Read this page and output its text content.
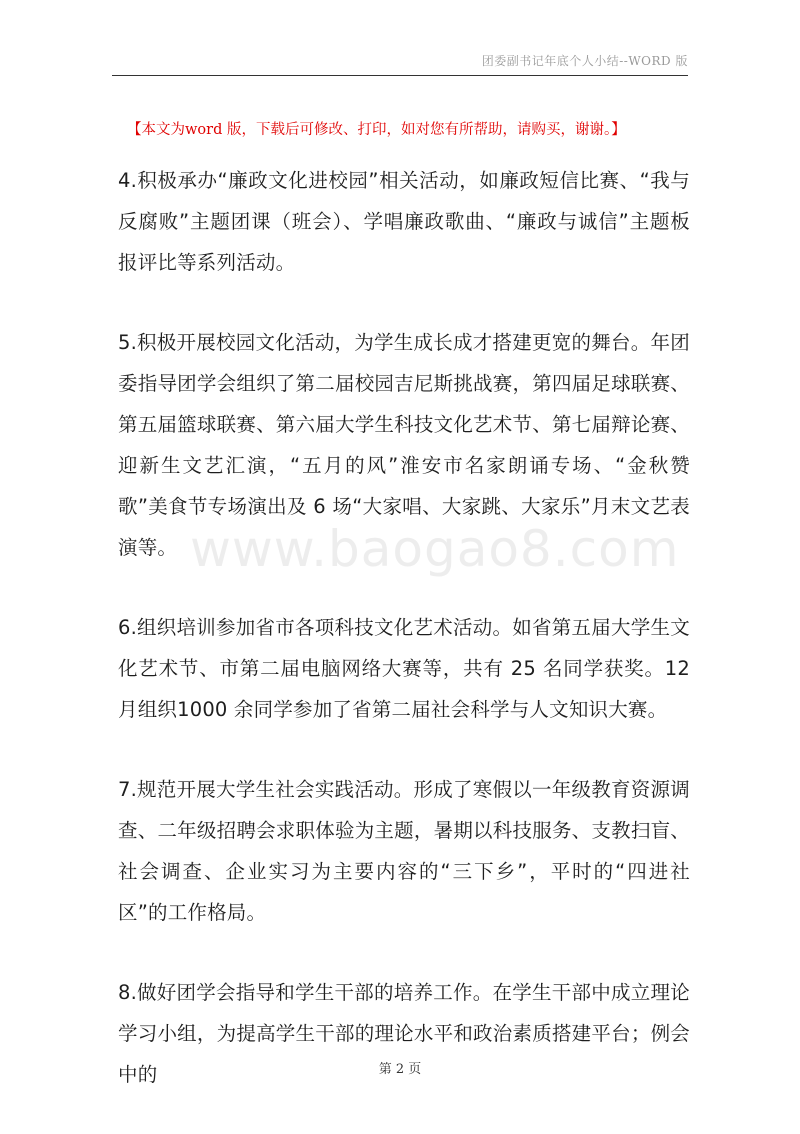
团委副书记年底个人小结--WORD 版
【本文为word 版，下载后可修改、打印，如对您有所帮助，请购买，谢谢。】
www.baogao8.com

4.积极承办“廉政文化进校园”相关活动，如廉政短信比赛、“我与反腐败”主题团课（班会）、学唱廉政歌曲、“廉政与诚信”主题板报评比等系列活动。

5.积极开展校园文化活动，为学生成长成才搭建更宽的舞台。年团委指导团学会组织了第二届校园吉尼斯挑战赛，第四届足球联赛、第五届篮球联赛、第六届大学生科技文化艺术节、第七届辩论赛、迎新生文艺汇演，“五月的风”淮安市名家朗诵专场、“金秋赞歌”美食节专场演出及 6 场“大家唱、大家跳、大家乐”月末文艺表演等。

6.组织培训参加省市各项科技文化艺术活动。如省第五届大学生文化艺术节、市第二届电脑网络大赛等，共有 25 名同学获奖。12 月组织1000 余同学参加了省第二届社会科学与人文知识大赛。

7.规范开展大学生社会实践活动。形成了寒假以一年级教育资源调查、二年级招聘会求职体验为主题，暑期以科技服务、支教扫盲、社会调查、企业实习为主要内容的“三下乡”，平时的“四进社区”的工作格局。

8.做好团学会指导和学生干部的培养工作。在学生干部中成立理论学习小组，为提高学生干部的理论水平和政治素质搭建平台；例会中的	第 2 页
